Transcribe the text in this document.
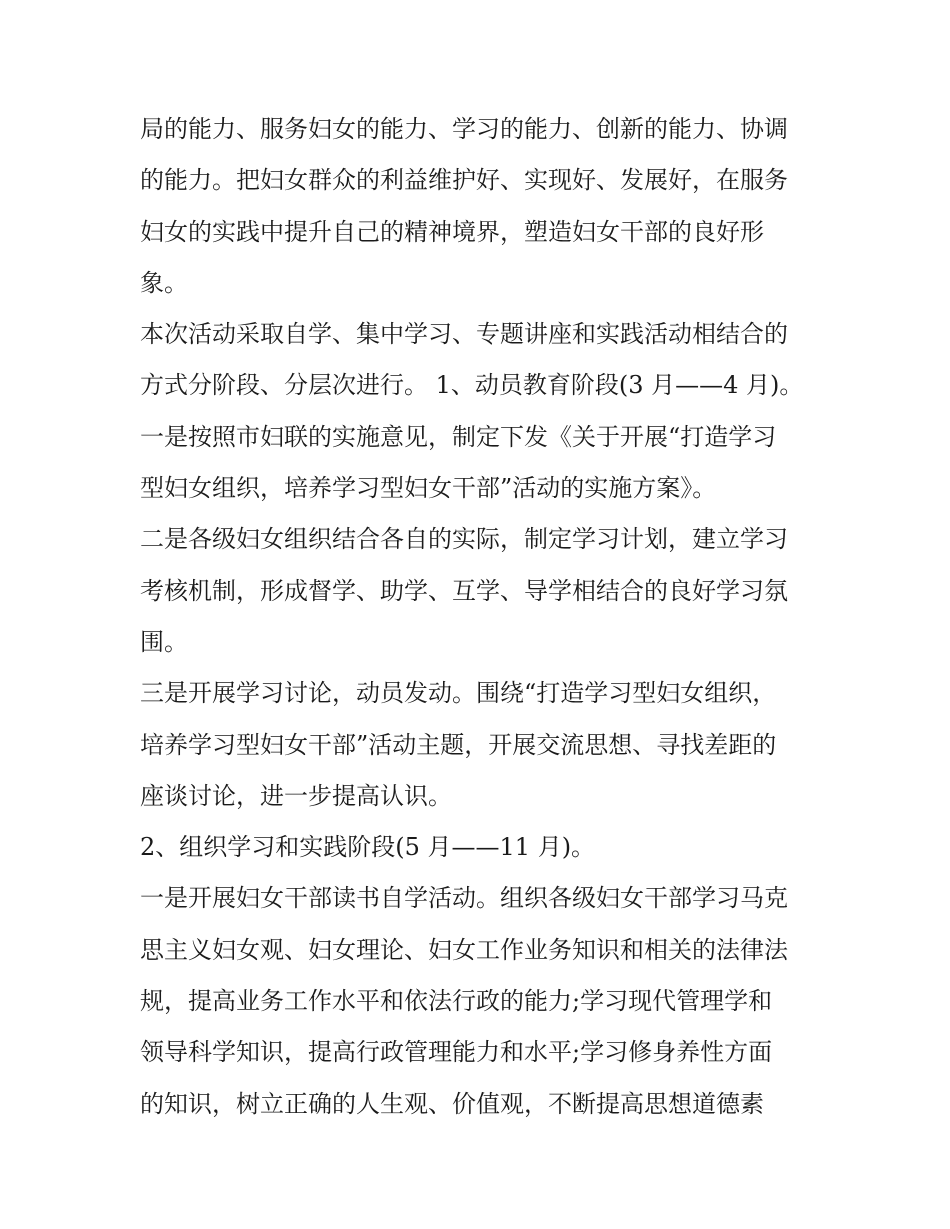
局的能力、服务妇女的能力、学习的能力、创新的能力、协调
的能力。把妇女群众的利益维护好、实现好、发展好，在服务
妇女的实践中提升自己的精神境界，塑造妇女干部的良好形
象。
本次活动采取自学、集中学习、专题讲座和实践活动相结合的
方式分阶段、分层次进行。 1、动员教育阶段(3 月——4 月)。
一是按照市妇联的实施意见，制定下发《关于开展“打造学习
型妇女组织，培养学习型妇女干部”活动的实施方案》。
二是各级妇女组织结合各自的实际，制定学习计划，建立学习
考核机制，形成督学、助学、互学、导学相结合的良好学习氛
围。
三是开展学习讨论，动员发动。围绕“打造学习型妇女组织，
培养学习型妇女干部”活动主题，开展交流思想、寻找差距的
座谈讨论，进一步提高认识。
2、组织学习和实践阶段(5 月——11 月)。
一是开展妇女干部读书自学活动。组织各级妇女干部学习马克
思主义妇女观、妇女理论、妇女工作业务知识和相关的法律法
规，提高业务工作水平和依法行政的能力;学习现代管理学和
领导科学知识，提高行政管理能力和水平;学习修身养性方面
的知识，树立正确的人生观、价值观，不断提高思想道德素
